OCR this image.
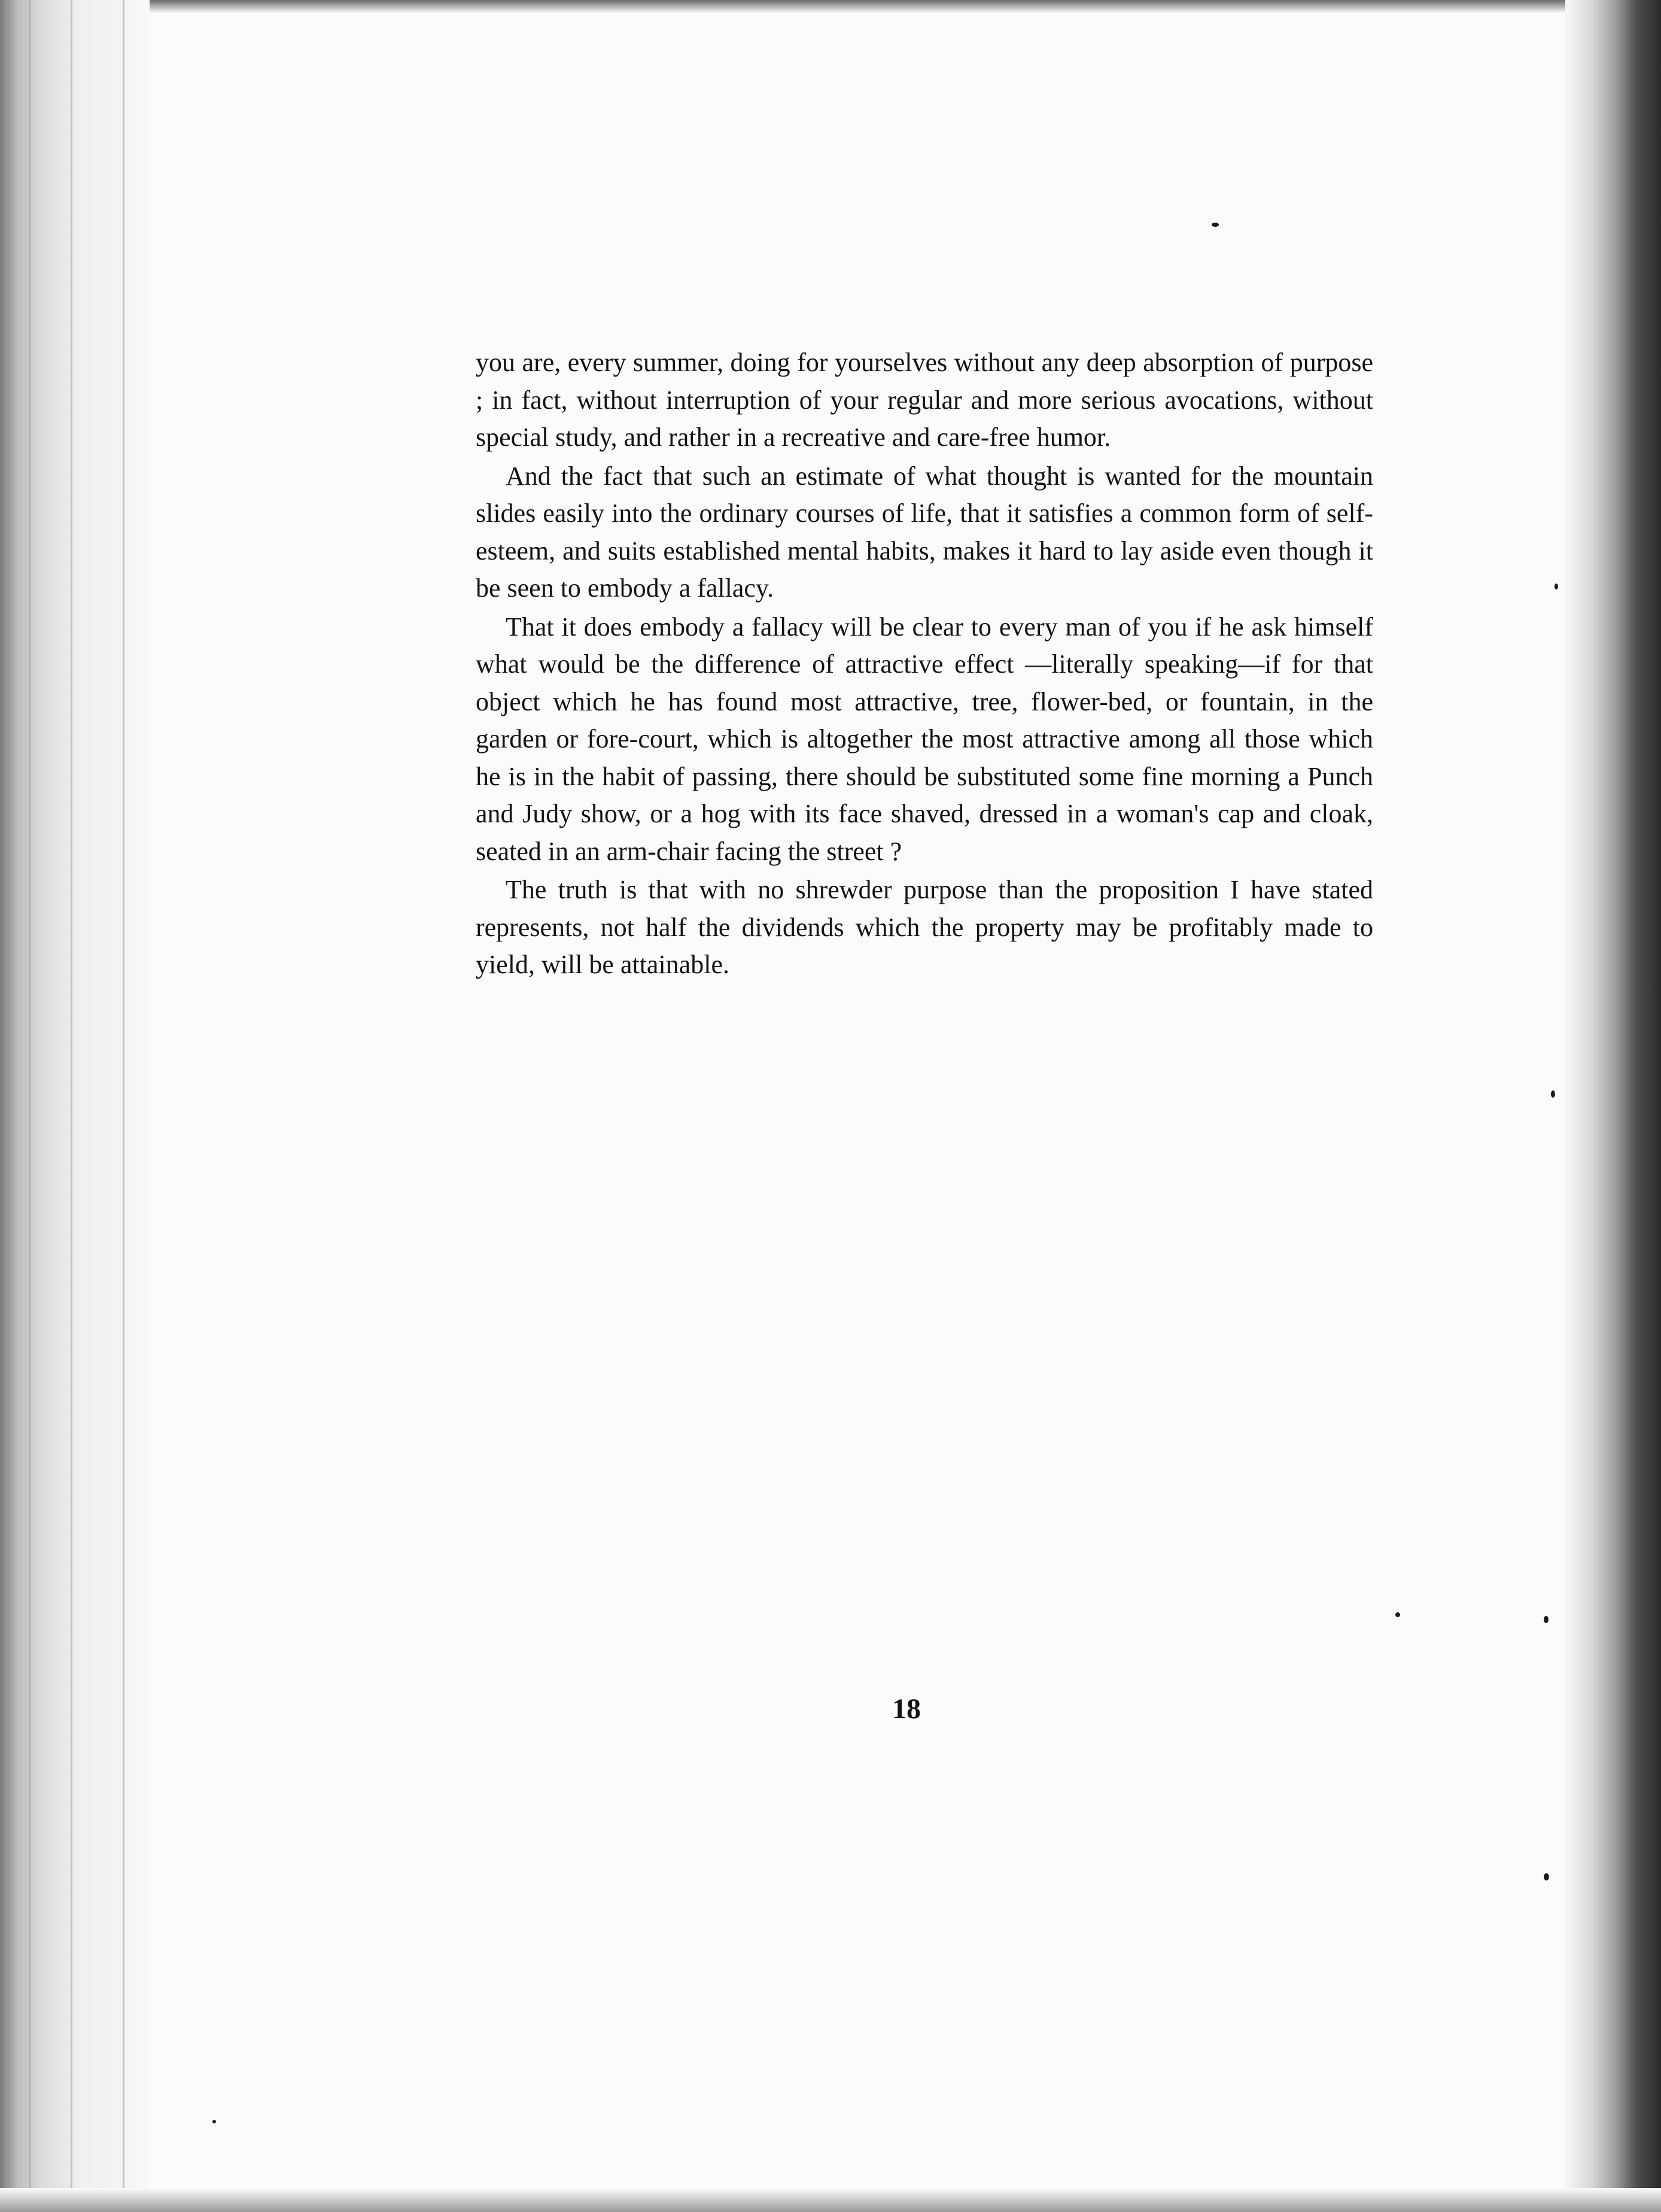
you are, every summer, doing for yourselves without any deep absorption of purpose ; in fact, without interruption of your regular and more serious avocations, without special study, and rather in a recreative and care-free humor.

And the fact that such an estimate of what thought is wanted for the mountain slides easily into the ordinary courses of life, that it satisfies a common form of self-esteem, and suits established mental habits, makes it hard to lay aside even though it be seen to embody a fallacy.

That it does embody a fallacy will be clear to every man of you if he ask himself what would be the difference of attractive effect —literally speaking—if for that object which he has found most attractive, tree, flower-bed, or fountain, in the garden or fore-court, which is altogether the most attractive among all those which he is in the habit of passing, there should be substituted some fine morning a Punch and Judy show, or a hog with its face shaved, dressed in a woman's cap and cloak, seated in an arm-chair facing the street ?

The truth is that with no shrewder purpose than the proposition I have stated represents, not half the dividends which the property may be profitably made to yield, will be attainable.

18
